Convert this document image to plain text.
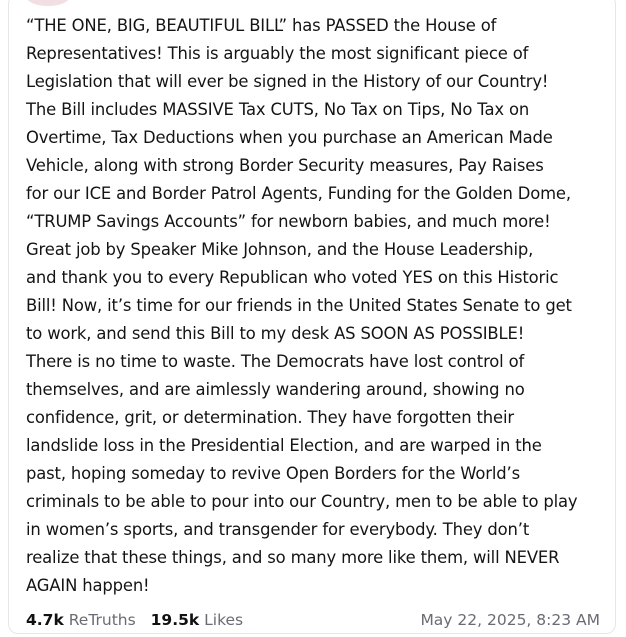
“THE ONE, BIG, BEAUTIFUL BILL” has PASSED the House of
Representatives! This is arguably the most significant piece of
Legislation that will ever be signed in the History of our Country!
The Bill includes MASSIVE Tax CUTS, No Tax on Tips, No Tax on
Overtime, Tax Deductions when you purchase an American Made
Vehicle, along with strong Border Security measures, Pay Raises
for our ICE and Border Patrol Agents, Funding for the Golden Dome,
“TRUMP Savings Accounts” for newborn babies, and much more!
Great job by Speaker Mike Johnson, and the House Leadership,
and thank you to every Republican who voted YES on this Historic
Bill! Now, it’s time for our friends in the United States Senate to get
to work, and send this Bill to my desk AS SOON AS POSSIBLE!
There is no time to waste. The Democrats have lost control of
themselves, and are aimlessly wandering around, showing no
confidence, grit, or determination. They have forgotten their
landslide loss in the Presidential Election, and are warped in the
past, hoping someday to revive Open Borders for the World’s
criminals to be able to pour into our Country, men to be able to play
in women’s sports, and transgender for everybody. They don’t
realize that these things, and so many more like them, will NEVER
AGAIN happen!
4.7k ReTruths 19.5k Likes	May 22, 2025, 8:23 AM
